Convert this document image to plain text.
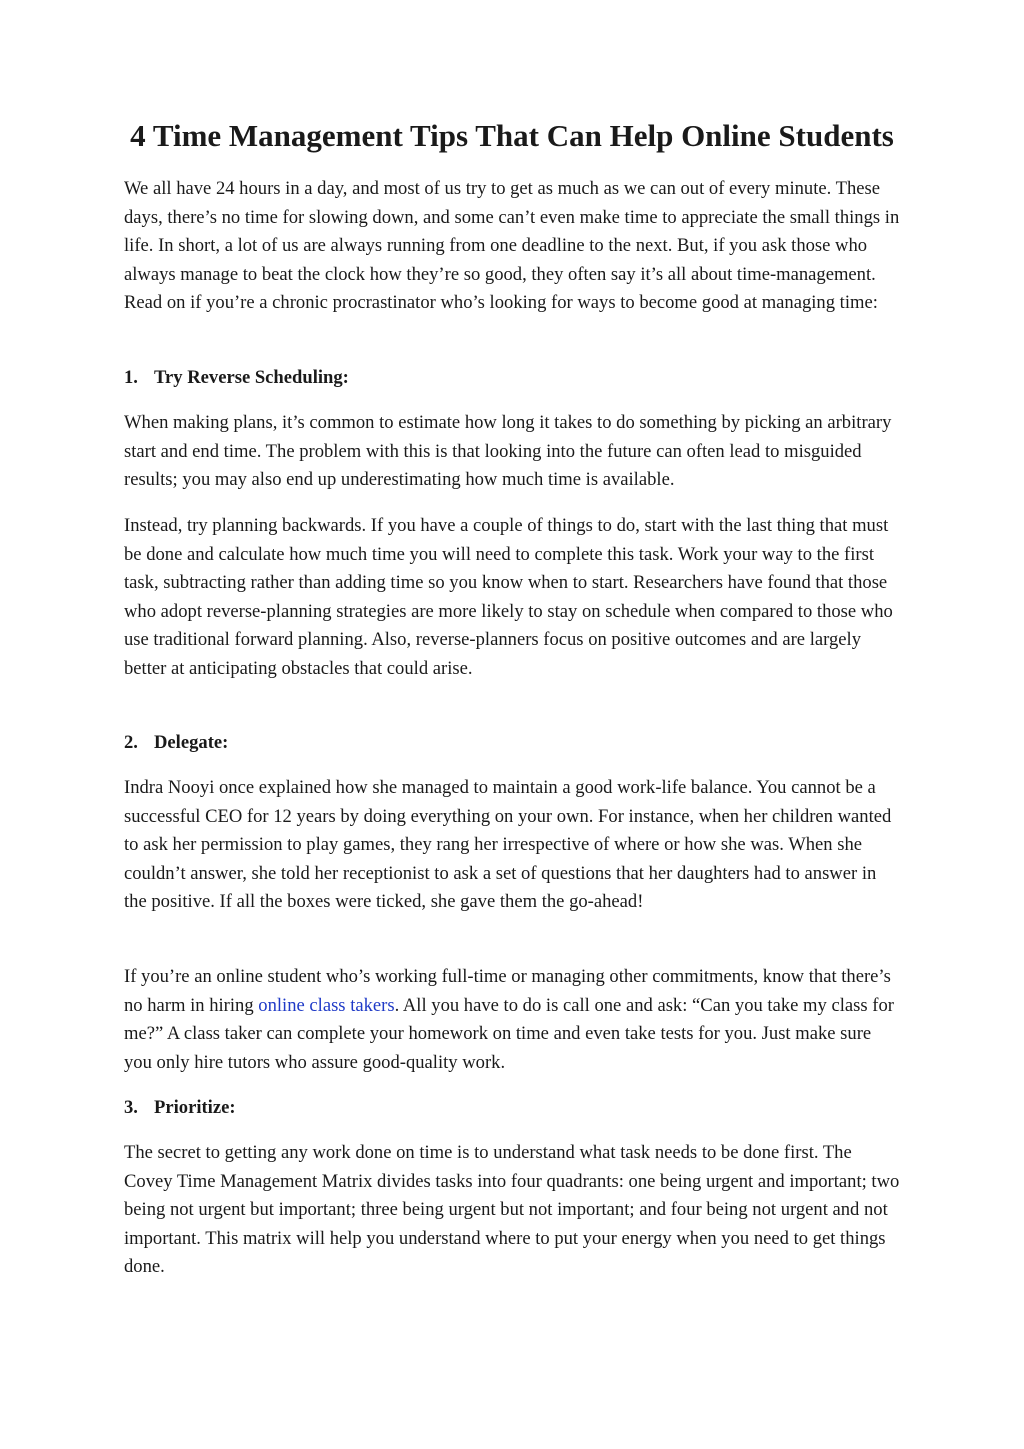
4 Time Management Tips That Can Help Online Students

We all have 24 hours in a day, and most of us try to get as much as we can out of every minute. These days, there’s no time for slowing down, and some can’t even make time to appreciate the small things in life. In short, a lot of us are always running from one deadline to the next. But, if you ask those who always manage to beat the clock how they’re so good, they often say it’s all about time-management. Read on if you’re a chronic procrastinator who’s looking for ways to become good at managing time:

1. Try Reverse Scheduling:

When making plans, it’s common to estimate how long it takes to do something by picking an arbitrary start and end time. The problem with this is that looking into the future can often lead to misguided results; you may also end up underestimating how much time is available.

Instead, try planning backwards. If you have a couple of things to do, start with the last thing that must be done and calculate how much time you will need to complete this task. Work your way to the first task, subtracting rather than adding time so you know when to start. Researchers have found that those who adopt reverse-planning strategies are more likely to stay on schedule when compared to those who use traditional forward planning. Also, reverse-planners focus on positive outcomes and are largely better at anticipating obstacles that could arise.

2. Delegate:

Indra Nooyi once explained how she managed to maintain a good work-life balance. You cannot be a successful CEO for 12 years by doing everything on your own. For instance, when her children wanted to ask her permission to play games, they rang her irrespective of where or how she was. When she couldn’t answer, she told her receptionist to ask a set of questions that her daughters had to answer in the positive. If all the boxes were ticked, she gave them the go-ahead!

If you’re an online student who’s working full-time or managing other commitments, know that there’s no harm in hiring online class takers. All you have to do is call one and ask: “Can you take my class for me?” A class taker can complete your homework on time and even take tests for you. Just make sure you only hire tutors who assure good-quality work.

3. Prioritize:

The secret to getting any work done on time is to understand what task needs to be done first. The Covey Time Management Matrix divides tasks into four quadrants: one being urgent and important; two being not urgent but important; three being urgent but not important; and four being not urgent and not important. This matrix will help you understand where to put your energy when you need to get things done.
